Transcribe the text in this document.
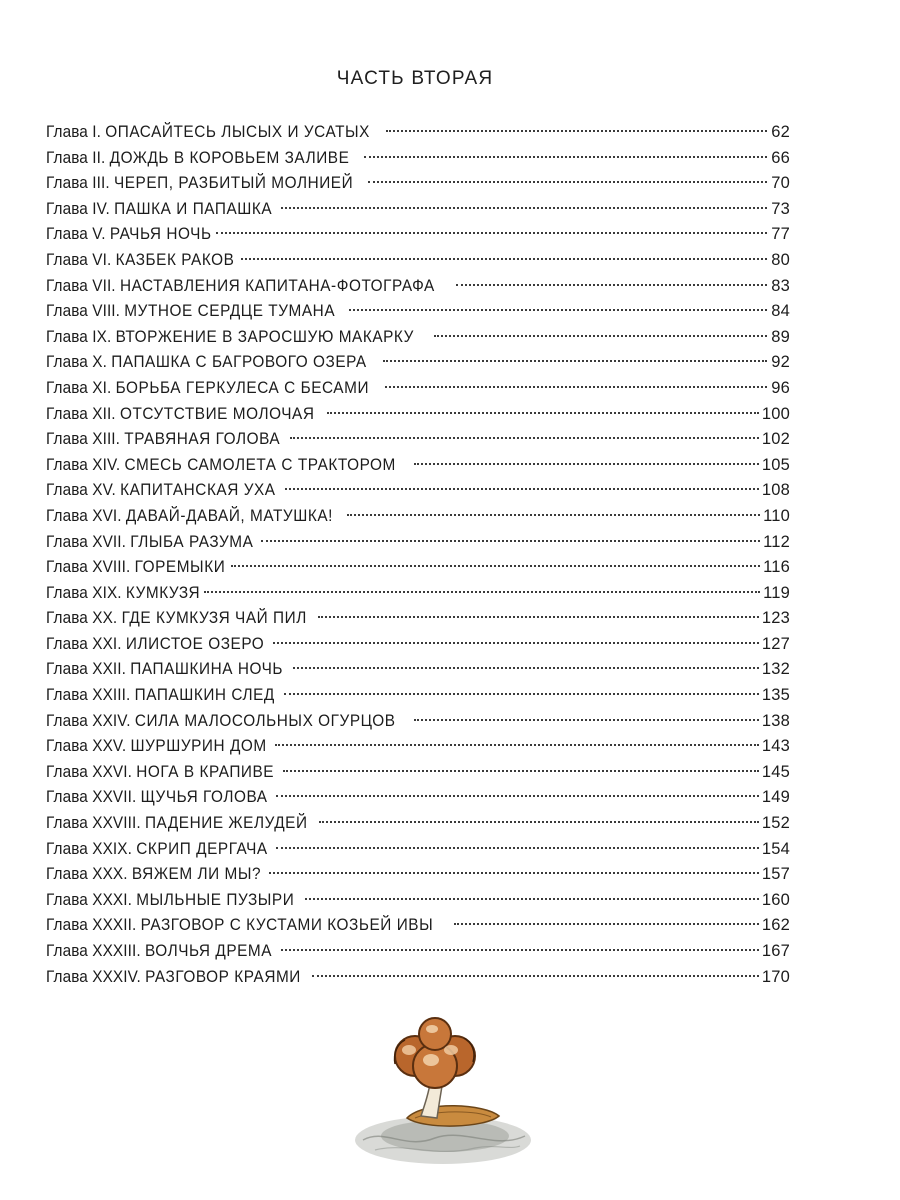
ЧАСТЬ ВТОРАЯ
Глава I. ОПАСАЙТЕСЬ ЛЫСЫХ И УСАТЫХ	62
Глава II. ДОЖДЬ В КОРОВЬЕМ ЗАЛИВЕ	66
Глава III. ЧЕРЕП, РАЗБИТЫЙ МОЛНИЕЙ	70
Глава IV. ПАШКА И ПАПАШКА	73
Глава V. РАЧЬЯ НОЧЬ	77
Глава VI. КАЗБЕК РАКОВ	80
Глава VII. НАСТАВЛЕНИЯ КАПИТАНА-ФОТОГРАФА	83
Глава VIII. МУТНОЕ СЕРДЦЕ ТУМАНА	84
Глава IX. ВТОРЖЕНИЕ В ЗАРОСШУЮ МАКАРКУ	89
Глава X. ПАПАШКА С БАГРОВОГО ОЗЕРА	92
Глава XI. БОРЬБА ГЕРКУЛЕСА С БЕСАМИ	96
Глава XII. ОТСУТСТВИЕ МОЛОЧАЯ	100
Глава XIII. ТРАВЯНАЯ ГОЛОВА	102
Глава XIV. СМЕСЬ САМОЛЕТА С ТРАКТОРОМ	105
Глава XV. КАПИТАНСКАЯ УХА	108
Глава XVI. ДАВАЙ-ДАВАЙ, МАТУШКА!	110
Глава XVII. ГЛЫБА РАЗУМА	112
Глава XVIII. ГОРЕМЫКИ	116
Глава XIX. КУМКУЗЯ	119
Глава XX. ГДЕ КУМКУЗЯ ЧАЙ ПИЛ	123
Глава XXI. ИЛИСТОЕ ОЗЕРО	127
Глава XXII. ПАПАШКИНА НОЧЬ	132
Глава XXIII. ПАПАШКИН СЛЕД	135
Глава XXIV. СИЛА МАЛОСОЛЬНЫХ ОГУРЦОВ	138
Глава XXV. ШУРШУРИН ДОМ	143
Глава XXVI. НОГА В КРАПИВЕ	145
Глава XXVII. ЩУЧЬЯ ГОЛОВА	149
Глава XXVIII. ПАДЕНИЕ ЖЕЛУДЕЙ	152
Глава XXIX. СКРИП ДЕРГАЧА	154
Глава XXX. ВЯЖЕМ ЛИ МЫ?	157
Глава XXXI. МЫЛЬНЫЕ ПУЗЫРИ	160
Глава XXXII. РАЗГОВОР С КУСТАМИ КОЗЬЕЙ ИВЫ	162
Глава XXXIII. ВОЛЧЬЯ ДРЕМА	167
Глава XXXIV. РАЗГОВОР КРАЯМИ	170
